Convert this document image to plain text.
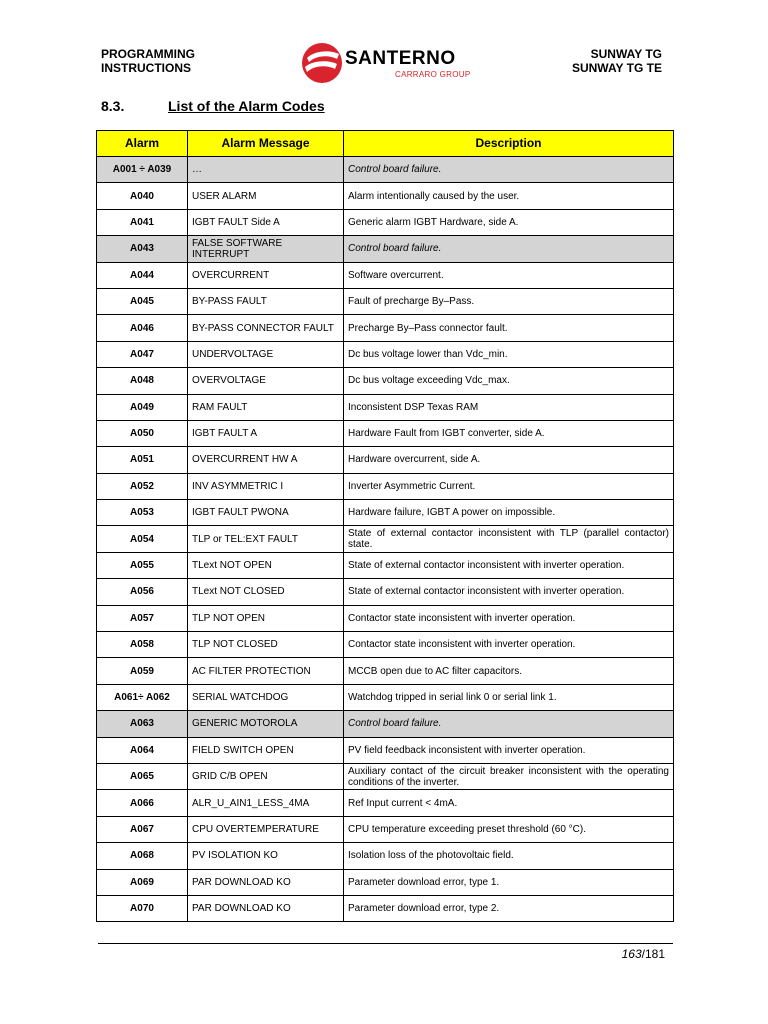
PROGRAMMING
INSTRUCTIONS	SANTERNO
CARRARO GROUP
SUNWAY TG
SUNWAY TG TE
8.3.	List of the Alarm Codes
Alarm	Alarm Message	Description
A001 ÷ A039	…	Control board failure.
A040	USER ALARM	Alarm intentionally caused by the user.
A041	IGBT FAULT Side A	Generic alarm IGBT Hardware, side A.
A043	FALSE SOFTWARE INTERRUPT	Control board failure.
A044	OVERCURRENT	Software overcurrent.
A045	BY-PASS FAULT	Fault of precharge By–Pass.
A046	BY-PASS CONNECTOR FAULT	Precharge By–Pass connector fault.
A047	UNDERVOLTAGE	Dc bus voltage lower than Vdc_min.
A048	OVERVOLTAGE	Dc bus voltage exceeding Vdc_max.
A049	RAM FAULT	Inconsistent DSP Texas RAM
A050	IGBT FAULT A	Hardware Fault from IGBT converter, side A.
A051	OVERCURRENT HW A	Hardware overcurrent, side A.
A052	INV ASYMMETRIC I	Inverter Asymmetric Current.
A053	IGBT FAULT PWONA	Hardware failure, IGBT A power on impossible.
A054	TLP or TEL:EXT FAULT	State of external contactor inconsistent with TLP (parallel contactor) state.
A055	TLext NOT OPEN	State of external contactor inconsistent with inverter operation.
A056	TLext NOT CLOSED	State of external contactor inconsistent with inverter operation.
A057	TLP NOT OPEN	Contactor state inconsistent with inverter operation.
A058	TLP NOT CLOSED	Contactor state inconsistent with inverter operation.
A059	AC FILTER PROTECTION	MCCB open due to AC filter capacitors.
A061÷ A062	SERIAL WATCHDOG	Watchdog tripped in serial link 0 or serial link 1.
A063	GENERIC MOTOROLA	Control board failure.
A064	FIELD SWITCH OPEN	PV field feedback inconsistent with inverter operation.
A065	GRID C/B OPEN	Auxiliary contact of the circuit breaker inconsistent with the operating conditions of the inverter.
A066	ALR_U_AIN1_LESS_4MA	Ref Input current < 4mA.
A067	CPU OVERTEMPERATURE	CPU temperature exceeding preset threshold (60 °C).
A068	PV ISOLATION KO	Isolation loss of the photovoltaic field.
A069	PAR DOWNLOAD KO	Parameter download error, type 1.
A070	PAR DOWNLOAD KO	Parameter download error, type 2.
163/181
